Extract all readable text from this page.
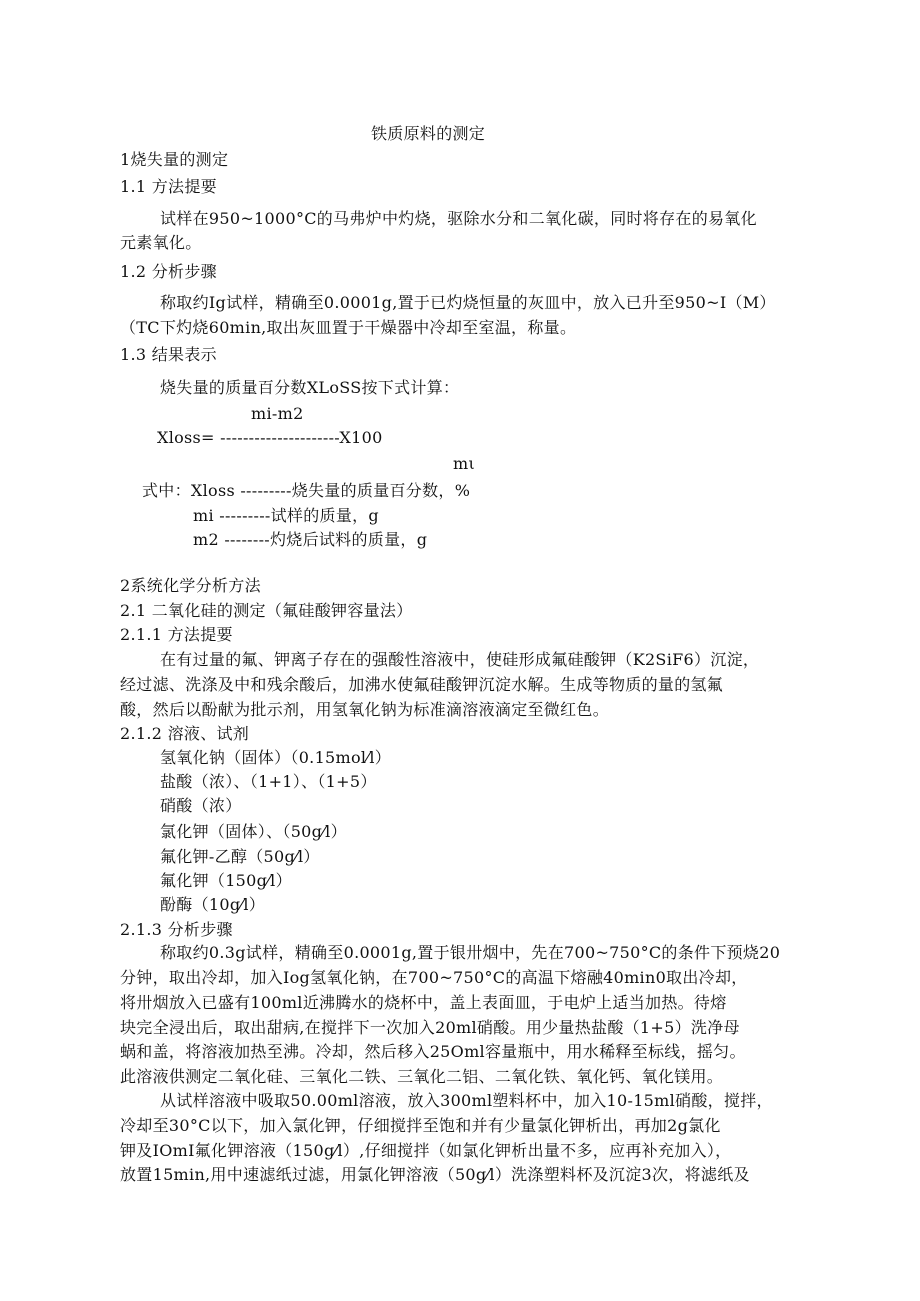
铁质原料的测定
1烧失量的测定
1.1 方法提要
试样在950~1000°C的马弗炉中灼烧，驱除水分和二氧化碳，同时将存在的易氧化
元素氧化。
1.2 分析步骤
称取约Ig试样，精确至0.0001g,置于已灼烧恒量的灰皿中，放入已升至950~I（M）
（TC下灼烧60min,取出灰皿置于干燥器中冷却至室温，称量。
1.3 结果表示
烧失量的质量百分数XLoSS按下式计算：
mi-m2
Xloss= ---------------------X100
mι
式中：Xloss ---------烧失量的质量百分数，%
mi ---------试样的质量，g
m2 --------灼烧后试料的质量，g
2系统化学分析方法
2.1 二氧化硅的测定（氟硅酸钾容量法）
2.1.1 方法提要
在有过量的氟、钾离子存在的强酸性溶液中，使硅形成氟硅酸钾（K2SiF6）沉淀，
经过滤、洗涤及中和残余酸后，加沸水使氟硅酸钾沉淀水解。生成等物质的量的氢氟
酸，然后以酚献为批示剂，用氢氧化钠为标准滴溶液滴定至微红色。
2.1.2 溶液、试剂
氢氧化钠（固体）（0.15mol⁄l）
盐酸（浓）、（1+1）、（1+5）
硝酸（浓）
氯化钾（固体）、（50g⁄l）
氟化钾-乙醇（50g⁄l）
氟化钾（150g⁄l）
酚酶（10g⁄l）
2.1.3 分析步骤
称取约0.3g试样，精确至0.0001g,置于银卅烟中，先在700~750°C的条件下预烧20
分钟，取出冷却，加入Iog氢氧化钠，在700~750°C的高温下熔融40min0取出冷却，
将卅烟放入已盛有100ml近沸腾水的烧杯中，盖上表面皿，于电炉上适当加热。待熔
块完全浸出后，取出甜病,在搅拌下一次加入20ml硝酸。用少量热盐酸（1+5）洗净母
蜗和盖，将溶液加热至沸。冷却，然后移入25Oml容量瓶中，用水稀释至标线，摇匀。
此溶液供测定二氧化硅、三氧化二铁、三氧化二铝、二氧化铁、氧化钙、氧化镁用。
从试样溶液中吸取50.00ml溶液，放入300ml塑料杯中，加入10-15ml硝酸，搅拌，
冷却至30°C以下，加入氯化钾，仔细搅拌至饱和并有少量氯化钾析出，再加2g氯化
钾及IOmI氟化钾溶液（150g⁄l）,仔细搅拌（如氯化钾析出量不多，应再补充加入），
放置15min,用中速滤纸过滤，用氯化钾溶液（50g⁄l）洗涤塑料杯及沉淀3次，将滤纸及
